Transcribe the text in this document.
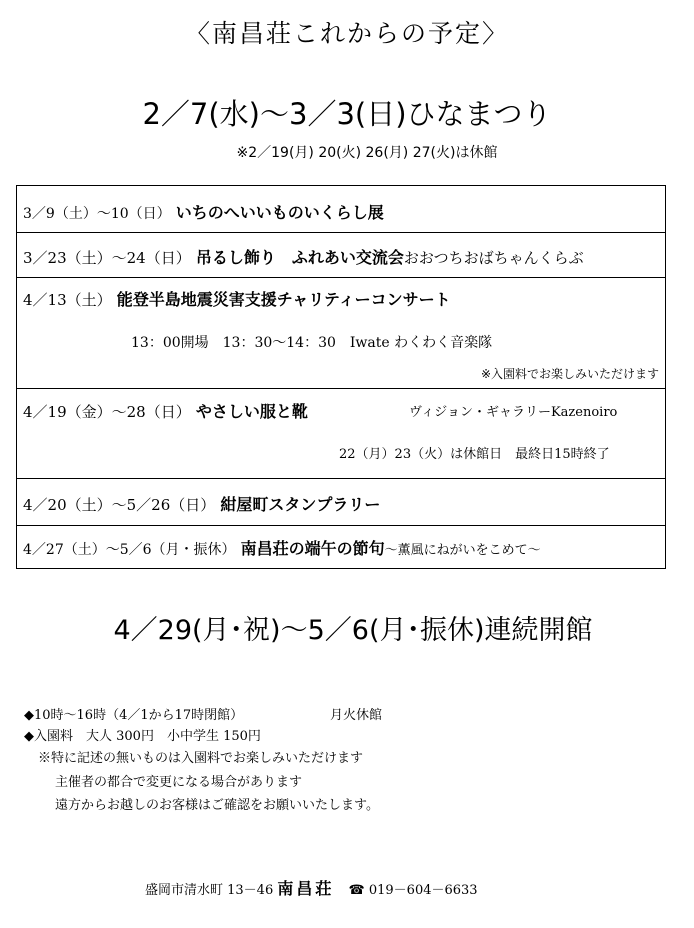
〈南昌荘これからの予定〉
2／7(水)～3／3(日)ひなまつり
※2／19(月) 20(火) 26(月) 27(火)は休館
3／9（土）～10（日） いちのへいいものいくらし展
3／23（土）～24（日） 吊るし飾り　ふれあい交流会おおつちおばちゃんくらぶ
4／13（土） 能登半島地震災害支援チャリティーコンサート
13：00開場　13：30～14：30　Iwate わくわく音楽隊
※入園料でお楽しみいただけます
4／19（金）～28（日） やさしい服と靴	ヴィジョン・ギャラリーKazenoiro
22（月）23（火）は休館日　最終日15時終了
4／20（土）～5／26（日） 紺屋町スタンプラリー
4／27（土）～5／6（月・振休） 南昌荘の端午の節句～薫風にねがいをこめて～
4／29(月･祝)～5／6(月･振休)連続開館
◆10時～16時（4／1から17時閉館）	月火休館
◆入園料　大人 300円　小中学生 150円
※特に記述の無いものは入園料でお楽しみいただけます
主催者の都合で変更になる場合があります
遠方からお越しのお客様はご確認をお願いいたします。
盛岡市清水町 13－46 南昌荘 ☎ 019－604－6633
